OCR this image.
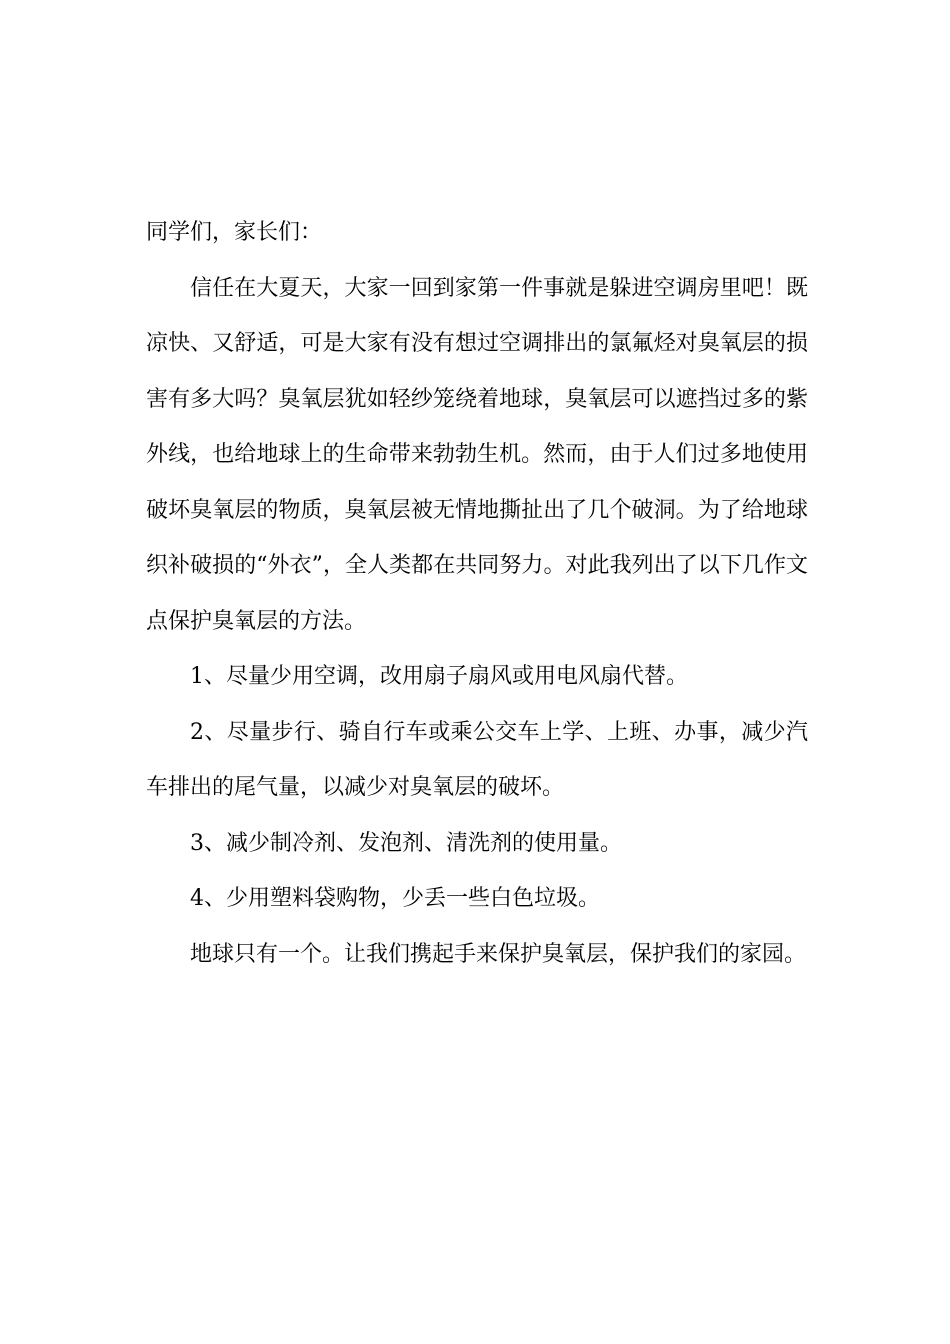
同学们，家长们：

信任在大夏天，大家一回到家第一件事就是躲进空调房里吧！既凉快、又舒适，可是大家有没有想过空调排出的氯氟烃对臭氧层的损害有多大吗？臭氧层犹如轻纱笼绕着地球，臭氧层可以遮挡过多的紫外线，也给地球上的生命带来勃勃生机。然而，由于人们过多地使用破坏臭氧层的物质，臭氧层被无情地撕扯出了几个破洞。为了给地球织补破损的“外衣”，全人类都在共同努力。对此我列出了以下几作文点保护臭氧层的方法。

1、尽量少用空调，改用扇子扇风或用电风扇代替。

2、尽量步行、骑自行车或乘公交车上学、上班、办事，减少汽车排出的尾气量，以减少对臭氧层的破坏。

3、减少制冷剂、发泡剂、清洗剂的使用量。

4、少用塑料袋购物，少丢一些白色垃圾。

地球只有一个。让我们携起手来保护臭氧层，保护我们的家园。
